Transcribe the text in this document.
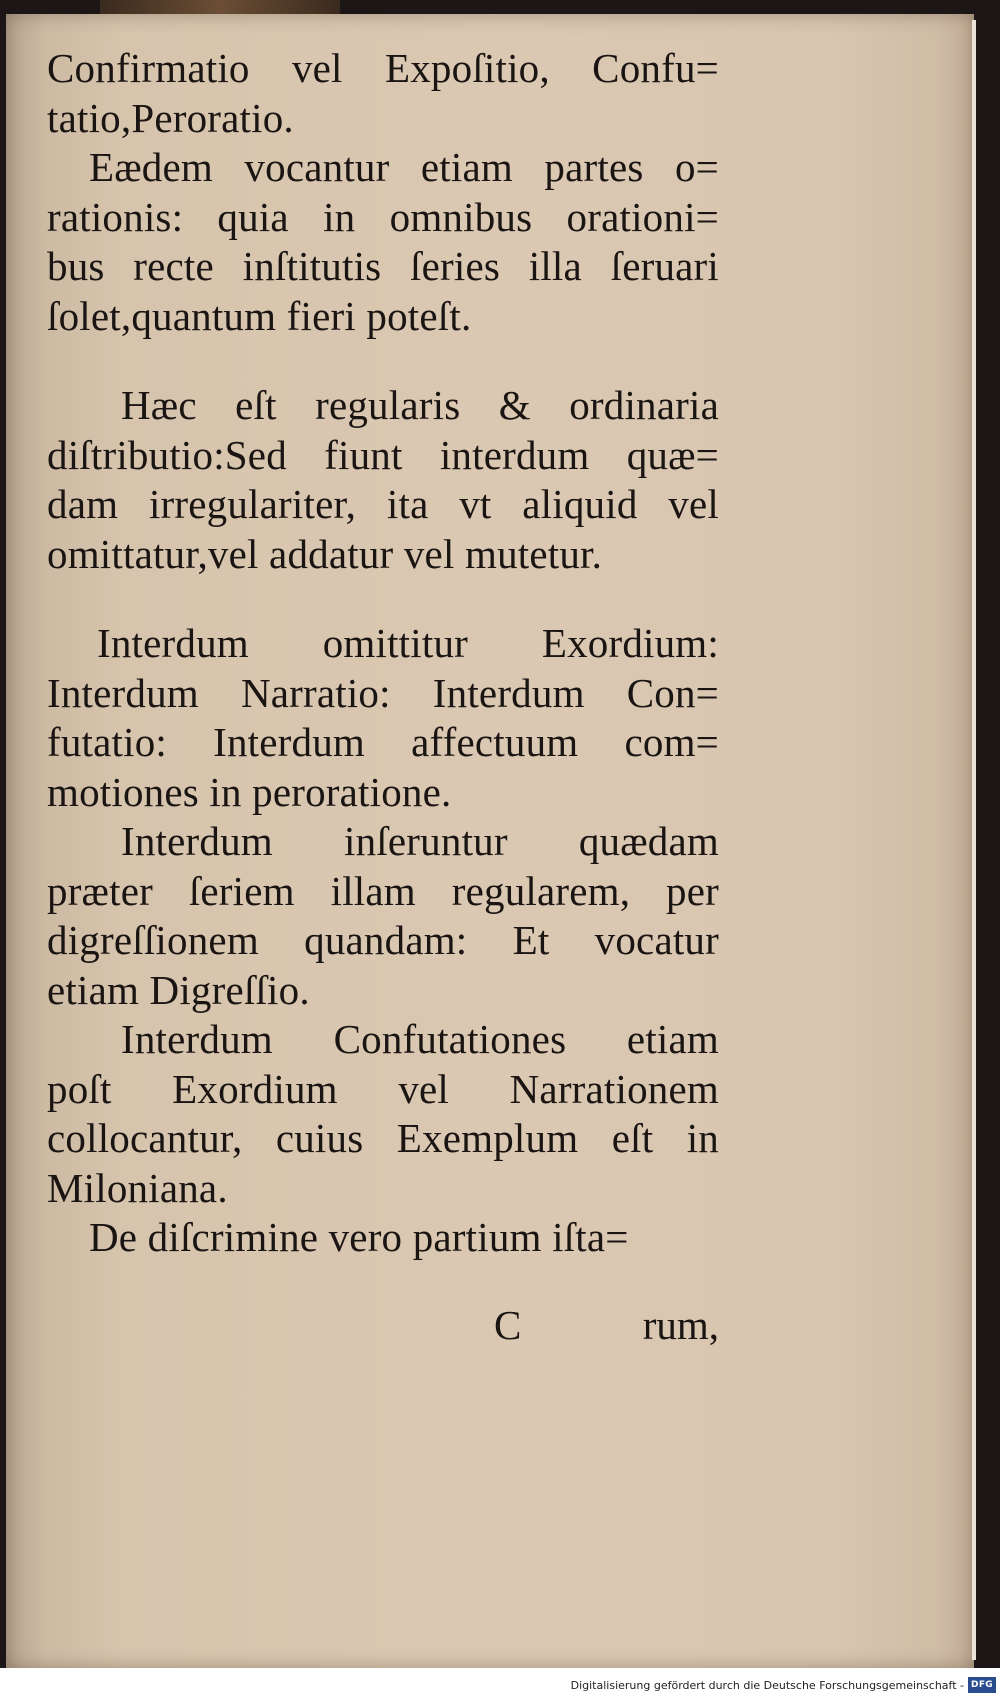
Confirmatio vel Expoſitio, Confu=
tatio,Peroratio.
Eædem vocantur etiam partes o=
rationis: quia in omnibus orationi=
bus recte inſtitutis ſeries illa ſeruari
ſolet,quantum fieri poteſt.
Hæc eſt regularis & ordinaria
diſtributio:Sed fiunt interdum quæ=
dam irregulariter, ita vt aliquid vel
omittatur,vel addatur vel mutetur.
Interdum omittitur Exordium:
Interdum Narratio: Interdum Con=
futatio: Interdum affectuum com=
motiones in peroratione.
Interdum inſeruntur quædam
præter ſeriem illam regularem, per
digreſſionem quandam: Et vocatur
etiam Digreſſio.
Interdum Confutationes etiam
poſt Exordium vel Narrationem
collocantur, cuius Exemplum eſt in
Miloniana.
De diſcrimine vero partium iſta=
C	rum,
Digitalisierung gefördert durch die Deutsche Forschungsgemeinschaft - DFG
